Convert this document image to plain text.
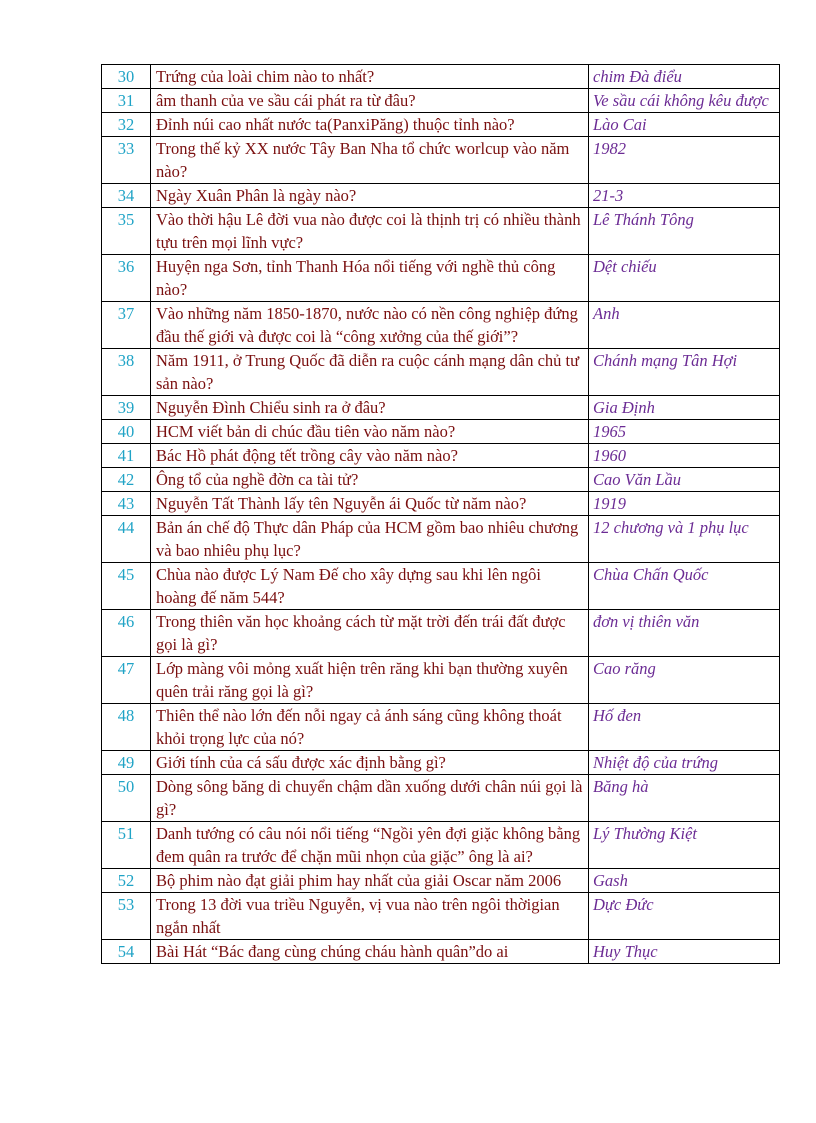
30	Trứng của loài chim nào to nhất?	chim Đà điểu
31	âm thanh của ve sầu cái phát ra từ đâu?	Ve sầu cái không kêu được
32	Đỉnh núi cao nhất nước ta(PanxiPăng) thuộc tỉnh nào?	Lào Cai
33	Trong thế kỷ XX nước Tây Ban Nha tổ chức worlcup vào năm nào?	1982
34	Ngày Xuân Phân là ngày nào?	21-3
35	Vào thời hậu Lê đời vua nào được coi là thịnh trị có nhiều thành tựu trên mọi lĩnh vực?	Lê Thánh Tông
36	Huyện nga Sơn, tỉnh Thanh Hóa nổi tiếng với nghề thủ công nào?	Dệt chiếu
37	Vào những năm 1850-1870, nước nào có nền công nghiệp đứng đầu thế giới và được coi là “công xưởng của thế giới”?	Anh
38	Năm 1911, ở Trung Quốc đã diễn ra cuộc cánh mạng dân chủ tư sản nào?	Chánh mạng Tân Hợi
39	Nguyễn Đình Chiểu sinh ra ở đâu?	Gia Định
40	HCM viết bản di chúc đầu tiên vào năm nào?	1965
41	Bác Hồ phát động tết trồng cây vào năm nào?	1960
42	Ông tổ của nghề đờn ca tài tử?	Cao Văn Lầu
43	Nguyễn Tất Thành lấy tên Nguyễn ái Quốc từ năm nào?	1919
44	Bản án chế độ Thực dân Pháp của HCM gồm bao nhiêu chương và bao nhiêu phụ lục?	12 chương và 1 phụ lục
45	Chùa nào được Lý Nam Đế cho xây dựng sau khi lên ngôi hoàng đế năm 544?	Chùa Chấn Quốc
46	Trong thiên văn học khoảng cách từ mặt trời đến trái đất được gọi là gì?	đơn vị thiên văn
47	Lớp màng vôi mỏng xuất hiện trên răng khi bạn thường xuyên quên trải răng gọi là gì?	Cao răng
48	Thiên thể nào lớn đến nỗi ngay cả ánh sáng cũng không thoát khỏi trọng lực của nó?	Hố đen
49	Giới tính của cá sấu được xác định bằng gì?	Nhiệt độ của trứng
50	Dòng sông băng di chuyển chậm dần xuống dưới chân núi gọi là gì?	Băng hà
51	Danh tướng có câu nói nổi tiếng “Ngồi yên đợi giặc không bằng đem quân ra trước để chặn mũi nhọn của giặc” ông là ai?	Lý Thường Kiệt
52	Bộ phim nào đạt giải phim hay nhất của giải Oscar năm 2006	Gash
53	Trong 13 đời vua triều Nguyễn, vị vua nào trên ngôi thờigian ngắn nhất	Dực Đức
54	Bài Hát “Bác đang cùng chúng cháu hành quân”do ai	Huy Thục
